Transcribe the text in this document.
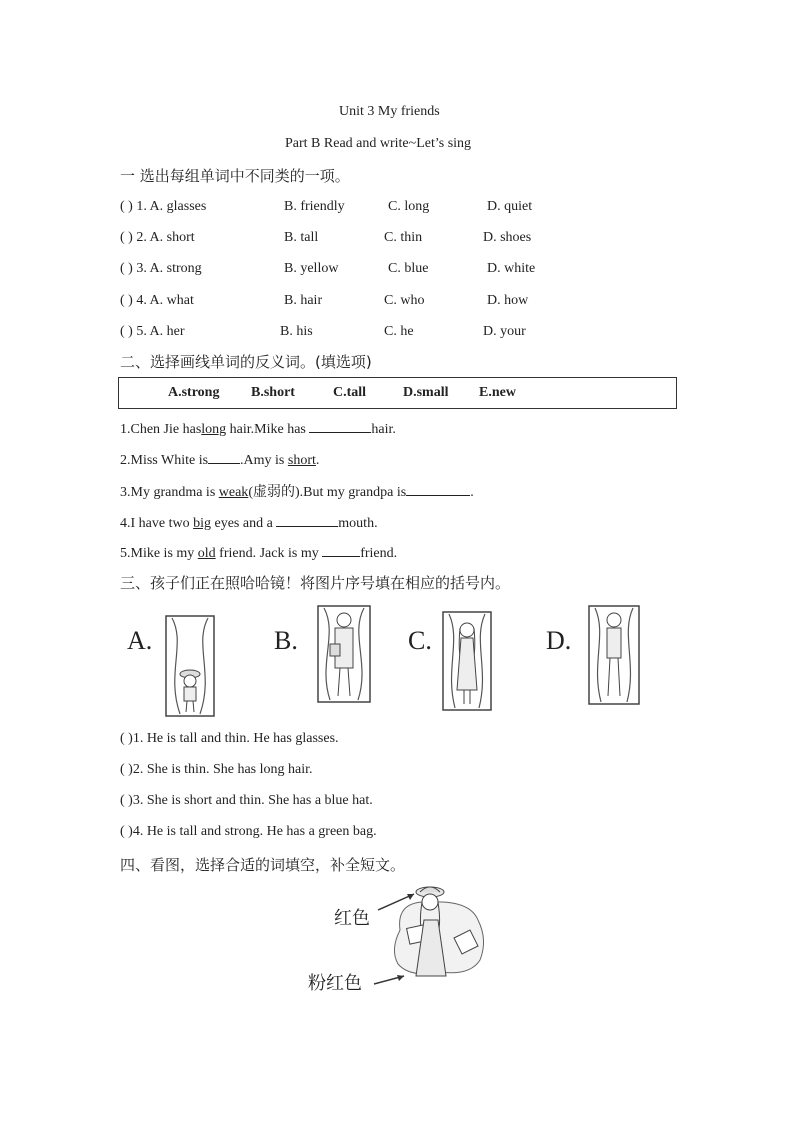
Unit 3 My friends
Part B Read and write~Let’s sing
一 选出每组单词中不同类的一项。
( ) 1. A. glasses	B. friendly	C. long	D. quiet
( ) 2. A. short	B. tall	C. thin	D. shoes
( ) 3. A. strong	B. yellow	C. blue	D. white
( ) 4. A. what	B. hair	C. who	D. how
( ) 5. A. her	B. his	C. he	D. your
二、选择画线单词的反义词。(填选项)
A.strong B.short	C.tall	D.small E.new
1.Chen Jie haslong hair.Mike has	hair.
2.Miss White is .Amy is short.
3.My grandma is weak(虚弱的).But my grandpa is	.
4.I have two big eyes and a	mouth.
5.Mike is my old friend. Jack is my	friend.
三、孩子们正在照哈哈镜！将图片序号填在相应的括号内。
A.	B.	C.	D.
( )1. He is tall and thin. He has glasses.
( )2. She is thin. She has long hair.
( )3. She is short and thin. She has a blue hat.
( )4. He is tall and strong. He has a green bag.
四、看图，选择合适的词填空，补全短文。
红色
粉红色
